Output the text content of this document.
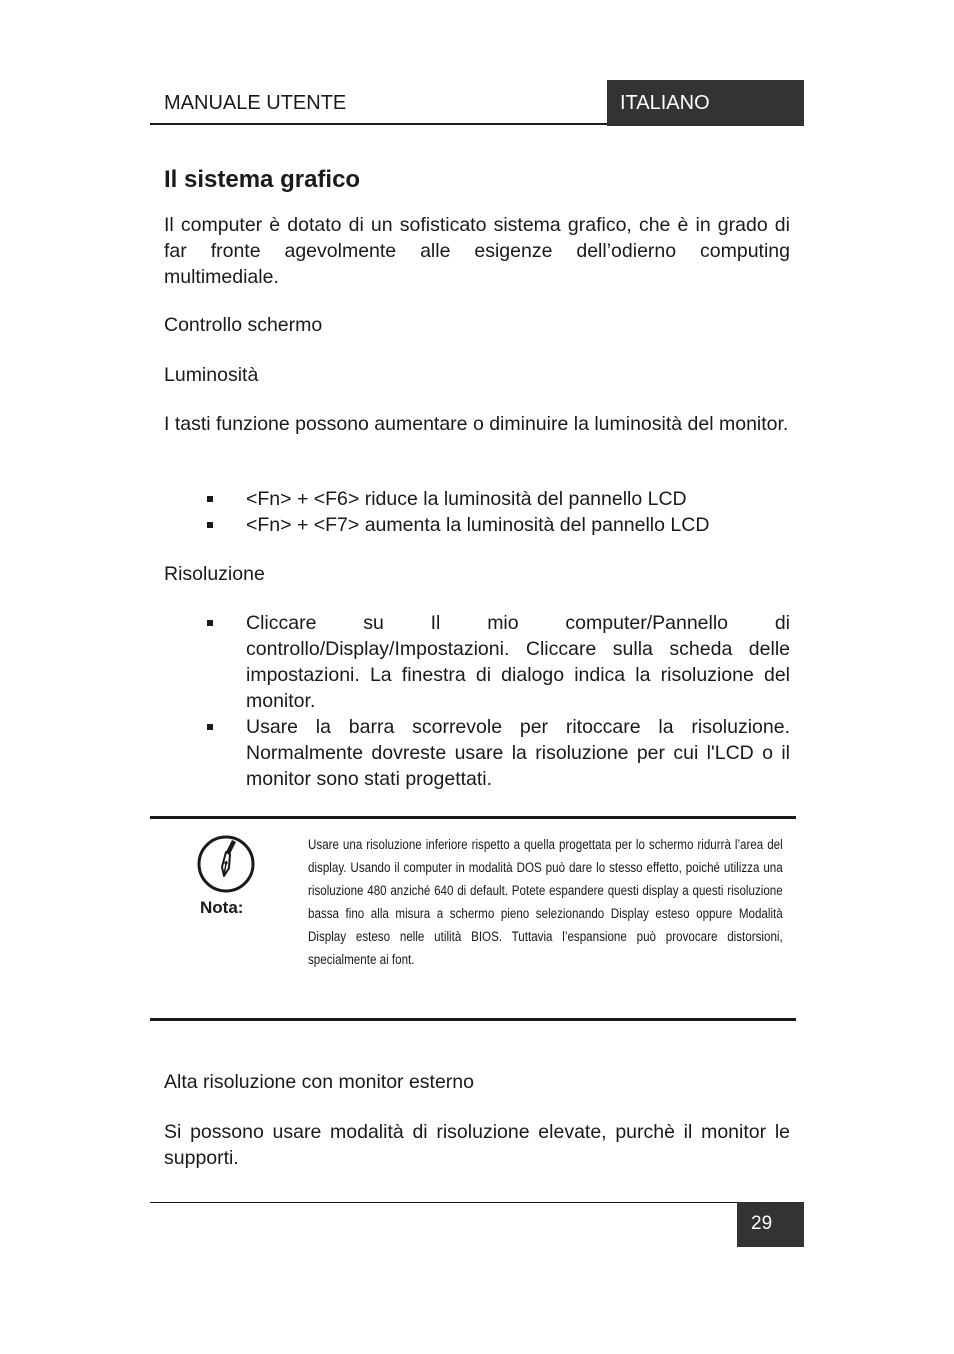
MANUALE UTENTE	ITALIANO
Il sistema grafico

Il computer è dotato di un sofisticato sistema grafico, che è in grado di far fronte agevolmente alle esigenze dell’odierno computing multimediale.

Controllo schermo

Luminosità

I tasti funzione possono aumentare o diminuire la luminosità del monitor.

<Fn> + <F6> riduce la luminosità del pannello LCD
<Fn> + <F7> aumenta la luminosità del pannello LCD

Risoluzione

Cliccare su Il mio computer/Pannello di controllo/Display/Impostazioni. Cliccare sulla scheda delle impostazioni. La finestra di dialogo indica la risoluzione del monitor.
Usare la barra scorrevole per ritoccare la risoluzione. Normalmente dovreste usare la risoluzione per cui l'LCD o il monitor sono stati progettati.
Nota:

Usare una risoluzione inferiore rispetto a quella progettata per lo schermo ridurrà l’area del display. Usando il computer in modalità DOS può dare lo stesso effetto, poiché utilizza una risoluzione 480 anziché 640 di default. Potete espandere questi display a questi risoluzione bassa fino alla misura a schermo pieno selezionando Display esteso oppure Modalità Display esteso nelle utilità BIOS. Tuttavia l’espansione può provocare distorsioni, specialmente ai font.

Alta risoluzione con monitor esterno

Si possono usare modalità di risoluzione elevate, purchè il monitor le supporti.

29
